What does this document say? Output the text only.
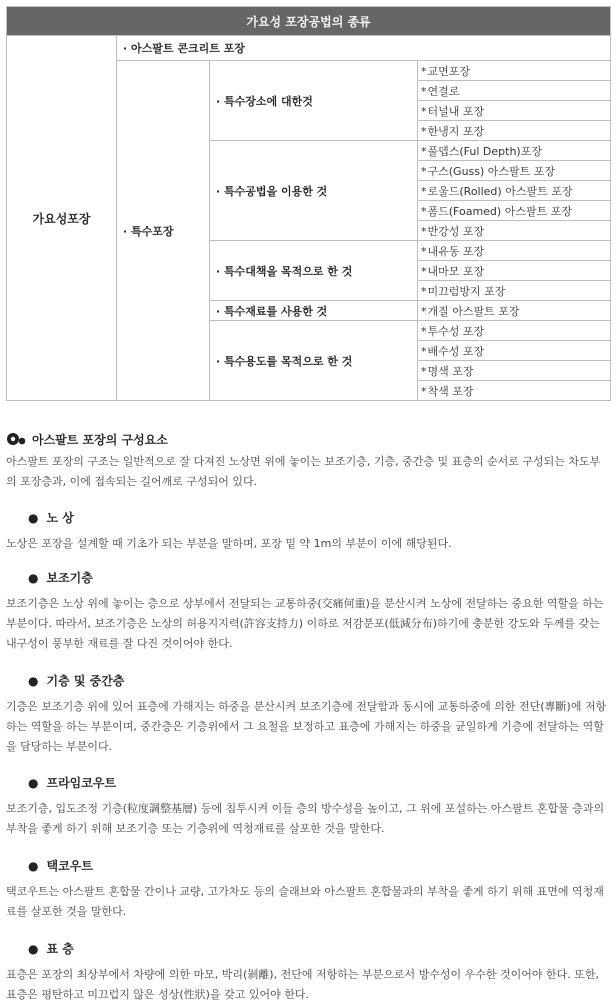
가요성 포장공법의 종류			
가요성포장	· 아스팔트 콘크리트 포장		
	· 특수포장	· 특수장소에 대한것	*교면포장
			*연결로
			*터널내 포장
			*한냉지 포장
		· 특수공법을 이용한 것	*풀뎁스(Ful Depth)포장
			*구스(Guss) 아스팔트 포장
			*로울드(Rolled) 아스팔트 포장
			*폼드(Foamed) 아스팔트 포장
			*반강성 포장
		· 특수대책을 목적으로 한 것	*내유동 포장
			*내마모 포장
			*미끄럼방지 포장
		· 특수재료를 사용한 것	*개질 아스팔트 포장
		· 특수용도를 목적으로 한 것	*투수성 포장
			*배수성 포장
			*명색 포장
			*착색 포장
아스팔트 포장의 구성요소

아스팔트 포장의 구조는 일반적으로 잘 다져진 노상면 위에 놓이는 보조기층, 기층, 중간층 및 표층의 순서로 구성되는 차도부의 포장층과, 이에 접속되는 길어깨로 구성되어 있다.

● 노 상

노상은 포장을 설계할 때 기초가 되는 부분을 말하며, 포장 밑 약 1m의 부분이 이에 해당된다.

● 보조기층

보조기층은 노상 위에 놓이는 층으로 상부에서 전달되는 교통하중(交痛何重)을 분산시켜 노상에 전달하는 중요한 역할을 하는 부분이다. 따라서, 보조기층은 노상의 허용지지력(許容支持力) 이하로 저감분포(低減分布)하기에 충분한 강도와 두께를 갖는 내구성이 풍부한 재료를 잘 다진 것이어야 한다.

● 기층 및 중간층

기층은 보조기층 위에 있어 표층에 가해지는 하중을 분산시켜 보조기층에 전달함과 동시에 교통하중에 의한 전단(專斷)에 저항하는 역할을 하는 부분이며, 중간층은 기층위에서 그 요철을 보정하고 표층에 가해지는 하중을 균일하게 기층에 전달하는 역할을 담당하는 부분이다.

● 프라임코우트

보조기층, 입도조정 기층(粒度調整基層) 등에 침투시켜 이들 층의 방수성을 높이고, 그 위에 포설하는 아스팔트 혼합물 층과의 부착을 좋게 하기 위해 보조기층 또는 기층위에 역청재료를 살포한 것을 말한다.

● 택코우트

택코우트는 아스팔트 혼합물 간이나 교량, 고가차도 등의 슬래브와 아스팔트 혼합물과의 부착을 좋게 하기 위해 표면에 역청재료를 살포한 것을 말한다.

● 표 층

표층은 포장의 최상부에서 차량에 의한 마모, 박리(剝離), 전단에 저항하는 부분으로서 방수성이 우수한 것이어야 한다. 또한, 표층은 평탄하고 미끄럽지 않은 성상(性狀)을 갖고 있어야 한다.
